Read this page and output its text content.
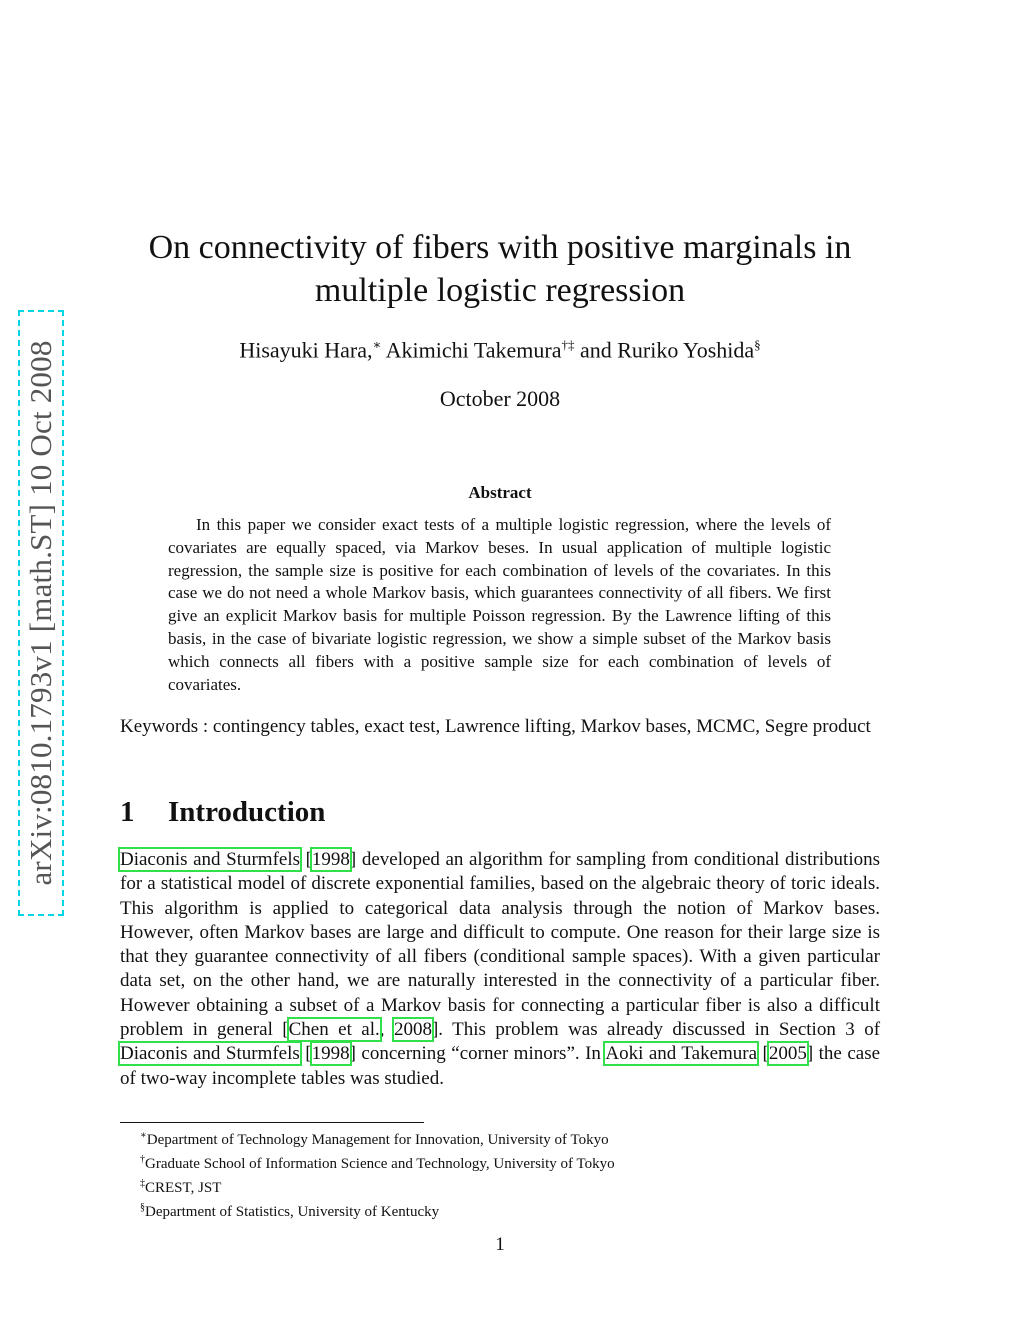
arXiv:0810.1793v1 [math.ST] 10 Oct 2008
On connectivity of fibers with positive marginals in multiple logistic regression
Hisayuki Hara,∗ Akimichi Takemura†‡ and Ruriko Yoshida§
October 2008
Abstract
In this paper we consider exact tests of a multiple logistic regression, where the levels of covariates are equally spaced, via Markov beses. In usual application of multiple logistic regression, the sample size is positive for each combination of levels of the covariates. In this case we do not need a whole Markov basis, which guarantees connectivity of all fibers. We first give an explicit Markov basis for multiple Poisson regression. By the Lawrence lifting of this basis, in the case of bivariate logistic regression, we show a simple subset of the Markov basis which connects all fibers with a positive sample size for each combination of levels of covariates.
Keywords : contingency tables, exact test, Lawrence lifting, Markov bases, MCMC, Segre product
1 Introduction
Diaconis and Sturmfels [1998] developed an algorithm for sampling from conditional distributions for a statistical model of discrete exponential families, based on the algebraic theory of toric ideals. This algorithm is applied to categorical data analysis through the notion of Markov bases. However, often Markov bases are large and difficult to compute. One reason for their large size is that they guarantee connectivity of all fibers (conditional sample spaces). With a given particular data set, on the other hand, we are naturally interested in the connectivity of a particular fiber. However obtaining a subset of a Markov basis for connecting a particular fiber is also a difficult problem in general [Chen et al., 2008]. This problem was already discussed in Section 3 of Diaconis and Sturmfels [1998] concerning “corner minors”. In Aoki and Takemura [2005] the case of two-way incomplete tables was studied.
∗Department of Technology Management for Innovation, University of Tokyo
†Graduate School of Information Science and Technology, University of Tokyo
‡CREST, JST
§Department of Statistics, University of Kentucky
1
